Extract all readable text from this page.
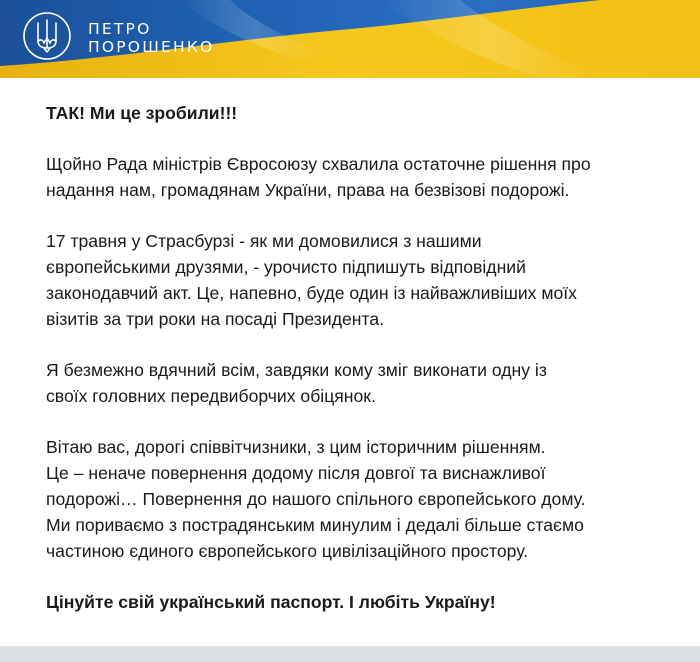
ПЕТРО
ПОРОШЕНКО

ТАК! Ми це зробили!!!

Щойно Рада міністрів Євросоюзу схвалила остаточне рішення про
надання нам, громадянам України, права на безвізові подорожі.

17 травня у Страсбурзі - як ми домовилися з нашими
європейськими друзями, - урочисто підпишуть відповідний
законодавчий акт. Це, напевно, буде один із найважливіших моїх
візитів за три роки на посаді Президента.

Я безмежно вдячний всім, завдяки кому зміг виконати одну із
своїх головних передвиборчих обіцянок.

Вітаю вас, дорогі співвітчизники, з цим історичним рішенням.
Це – неначе повернення додому після довгої та виснажливої
подорожі… Повернення до нашого спільного європейського дому.
Ми пориваємо з пострадянським минулим і дедалі більше стаємо
частиною єдиного європейського цивілізаційного простору.

Цінуйте свій український паспорт. І любіть Україну!
